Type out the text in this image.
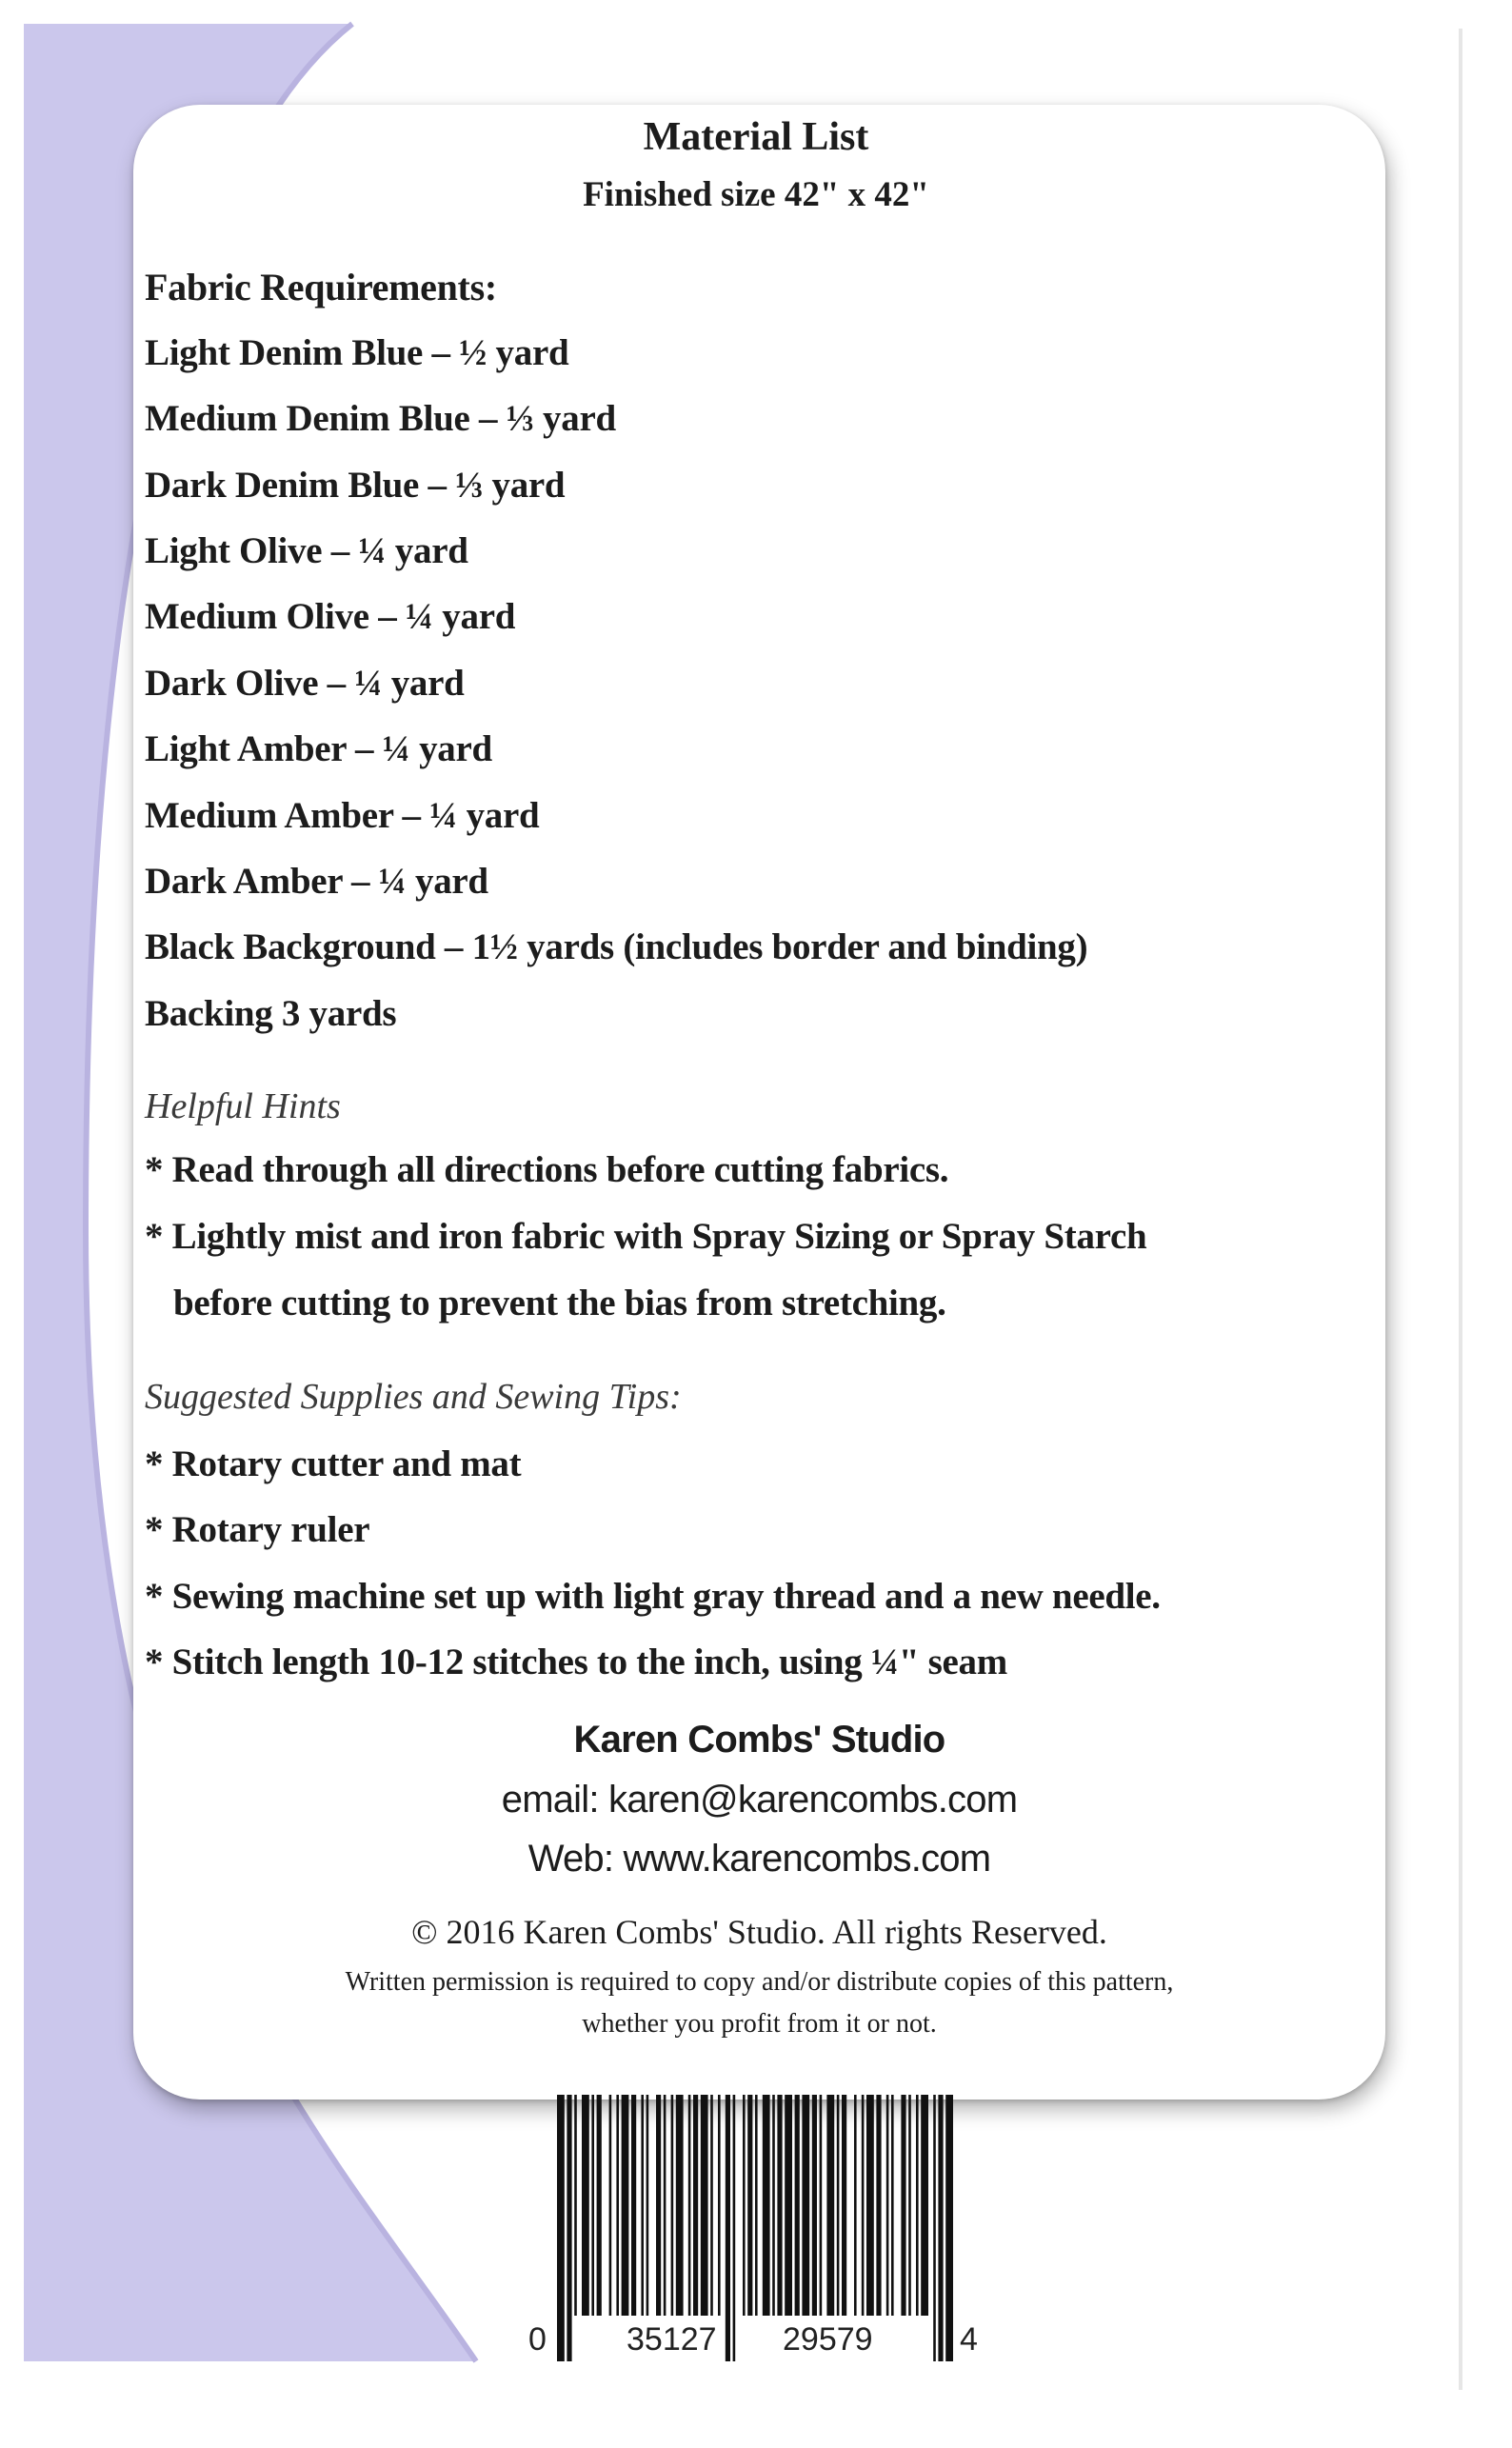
Material List
Finished size 42" x 42"
Fabric Requirements:
Light Denim Blue – ½ yard
Medium Denim Blue – ⅓ yard
Dark Denim Blue – ⅓ yard
Light Olive – ¼ yard
Medium Olive – ¼ yard
Dark Olive – ¼ yard
Light Amber – ¼ yard
Medium Amber – ¼ yard
Dark Amber – ¼ yard
Black Background – 1½ yards (includes border and binding)
Backing 3 yards
Helpful Hints
* Read through all directions before cutting fabrics.
* Lightly mist and iron fabric with Spray Sizing or Spray Starch
before cutting to prevent the bias from stretching.
Suggested Supplies and Sewing Tips:
* Rotary cutter and mat
* Rotary ruler
* Sewing machine set up with light gray thread and a new needle.
* Stitch length 10-12 stitches to the inch, using ¼" seam
Karen Combs' Studio
email: karen@karencombs.com
Web: www.karencombs.com
© 2016 Karen Combs' Studio. All rights Reserved.
Written permission is required to copy and/or distribute copies of this pattern,
whether you profit from it or not.
0 35127 29579	4
